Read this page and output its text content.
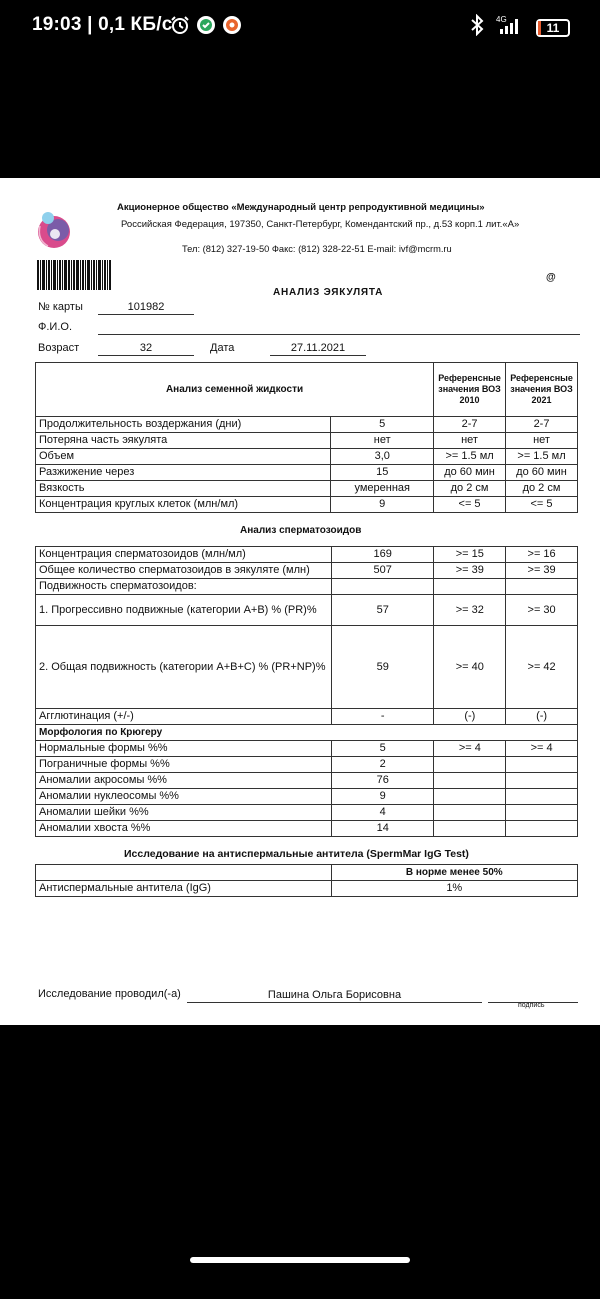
19:03 | 0,1 КБ/с	4G
11
Акционерное общество «Международный центр репродуктивной медицины»
Российская Федерация, 197350, Санкт-Петербург, Комендантский пр., д.53 корп.1 лит.«А»
Тел: (812) 327-19-50 Факс: (812) 328-22-51 E-mail: ivf@mcrm.ru
@
АНАЛИЗ ЭЯКУЛЯТА
№ карты	101982
Ф.И.О.
Возраст	32	Дата	27.11.2021
Анализ семенной жидкости		Референсные значения ВОЗ 2010	Референсные значения ВОЗ 2021
Продолжительность воздержания (дни)	5	2-7	2-7
Потеряна часть эякулята	нет	нет	нет
Объем	3,0	>= 1.5 мл	>= 1.5 мл
Разжижение через	15	до 60 мин	до 60 мин
Вязкость	умеренная	до 2 см	до 2 см
Концентрация круглых клеток (млн/мл)	9	<= 5	<= 5
Анализ сперматозоидов
Концентрация сперматозоидов (млн/мл)	169	>= 15	>= 16
Общее количество сперматозоидов в эякуляте (млн)	507	>= 39	>= 39
Подвижность сперматозоидов:			
1. Прогрессивно подвижные (категории A+B) % (PR)%	57	>= 32	>= 30
2. Общая подвижность (категории A+B+C) % (PR+NP)%	59	>= 40	>= 42
Агглютинация (+/-)	-	(-)	(-)
Морфология по Крюгеру			
Нормальные формы %%	5	>= 4	>= 4
Пограничные формы %%	2		
Аномалии акросомы %%	76		
Аномалии нуклеосомы %%	9		
Аномалии шейки %%	4		
Аномалии хвоста %%	14		
Исследование на антиспермальные антитела (SpermMar IgG Test)
	В норме менее 50%
Антиспермальные антитела (IgG)	1%
Исследование проводил(-а)	Пашина Ольга Борисовна
подпись
